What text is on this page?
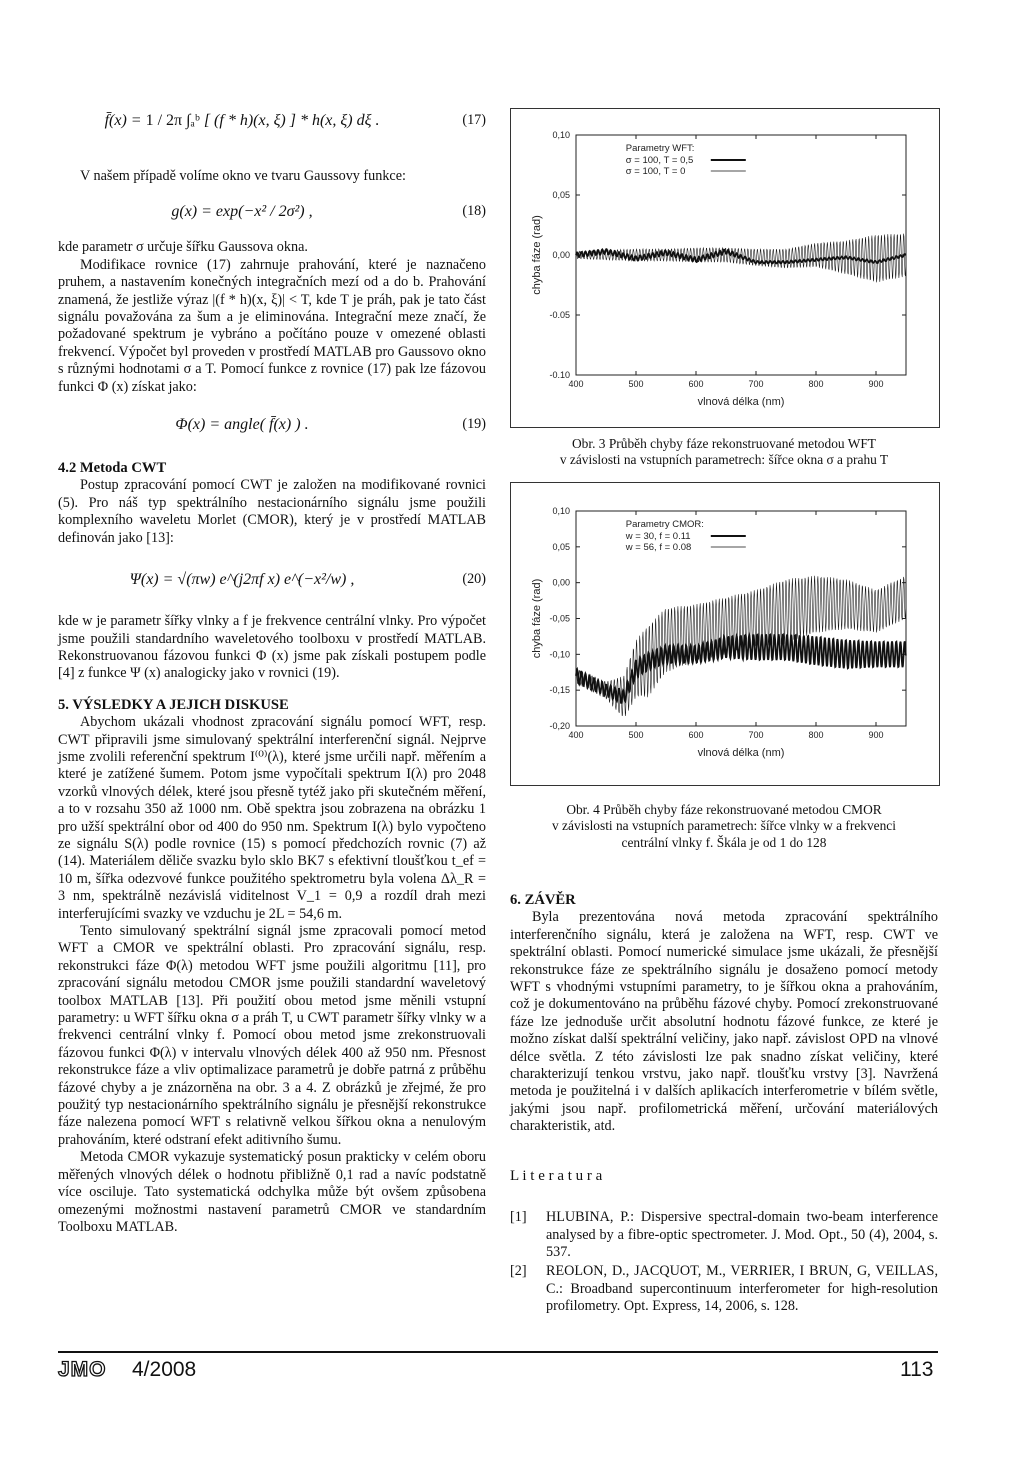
f̄(x) = 1 / 2π ∫ₐᵇ [ (f * h)(x, ξ) ] * h(x, ξ) dξ .	(17)

V našem případě volíme okno ve tvaru Gaussovy funkce:

g(x) = exp(−x² / 2σ²) ,	(18)

kde parametr σ určuje šířku Gaussova okna.

Modifikace rovnice (17) zahrnuje prahování, které je naznačeno pruhem, a nastavením konečných integračních mezí od a do b. Prahování znamená, že jestliže výraz |(f * h)(x, ξ)| < T, kde T je práh, pak je tato část signálu považována za šum a je eliminována. Integrační meze značí, že požadované spektrum je vybráno a počítáno pouze v omezené oblasti frekvencí. Výpočet byl proveden v prostředí MATLAB pro Gaussovo okno s různými hodnotami σ a T. Pomocí funkce z rovnice (17) pak lze fázovou funkci Φ (x) získat jako:

Φ(x) = angle( f̄(x) ) .	(19)
4.2 Metoda CWT

Postup zpracování pomocí CWT je založen na modifikované rovnici (5). Pro náš typ spektrálního nestacionárního signálu jsme použili komplexního waveletu Morlet (CMOR), který je v prostředí MATLAB definován jako [13]:

Ψ(x) = √(πw) e^(j2πf x) e^(−x²/w) ,	(20)

kde w je parametr šířky vlnky a f je frekvence centrální vlnky. Pro výpočet jsme použili standardního waveletového toolboxu v prostředí MATLAB. Rekonstruovanou fázovou funkci Φ (x) jsme pak získali postupem podle [4] z funkce Ψ (x) analogicky jako v rovnici (19).

5. VÝSLEDKY A JEJICH DISKUSE

Abychom ukázali vhodnost zpracování signálu pomocí WFT, resp. CWT připravili jsme simulovaný spektrální interferenční signál. Nejprve jsme zvolili referenční spektrum I⁽⁰⁾(λ), které jsme určili např. měřením a které je zatížené šumem. Potom jsme vypočítali spektrum I(λ) pro 2048 vzorků vlnových délek, které jsou přesně tytéž jako při skutečném měření, a to v rozsahu 350 až 1000 nm. Obě spektra jsou zobrazena na obrázku 1 pro užší spektrální obor od 400 do 950 nm. Spektrum I(λ) bylo vypočteno ze signálu S(λ) podle rovnice (15) s pomocí předchozích rovnic (7) až (14). Materiálem děliče svazku bylo sklo BK7 s efektivní tloušťkou t_ef = 10 m, šířka odezvové funkce použitého spektrometru byla volena Δλ_R = 3 nm, spektrálně nezávislá viditelnost V_1 = 0,9 a rozdíl drah mezi interferujícími svazky ve vzduchu je 2L = 54,6 m.

Tento simulovaný spektrální signál jsme zpracovali pomocí metod WFT a CMOR ve spektrální oblasti. Pro zpracování signálu, resp. rekonstrukci fáze Φ(λ) metodou WFT jsme použili algoritmu [11], pro zpracování signálu metodou CMOR jsme použili standardní waveletový toolbox MATLAB [13]. Při použití obou metod jsme měnili vstupní parametry: u WFT šířku okna σ a práh T, u CWT parametr šířky vlnky w a frekvenci centrální vlnky f. Pomocí obou metod jsme zrekonstruovali fázovou funkci Φ(λ) v intervalu vlnových délek 400 až 950 nm. Přesnost rekonstrukce fáze a vliv optimalizace parametrů je dobře patrná z průběhu fázové chyby a je znázorněna na obr. 3 a 4. Z obrázků je zřejmé, že pro použitý typ nestacionárního spektrálního signálu je přesnější rekonstrukce fáze nalezena pomocí WFT s relativně velkou šířkou okna a nenulovým prahováním, které odstraní efekt aditivního šumu.

Metoda CMOR vykazuje systematický posun prakticky v celém oboru měřených vlnových délek o hodnotu přibližně 0,1 rad a navíc podstatně více osciluje. Tato systematická odchylka může být ovšem způsobena omezenými možnostmi nastavení parametrů CMOR ve standardním Toolboxu MATLAB.

-0.10
-0.05
0,00
0,05
0,10
400	500	600	700	800	900
vlnová délka (nm)
chyba fáze (rad)
Parametry WFT:
σ = 100, T = 0,5
σ = 100, T = 0
Obr. 3 Průběh chyby fáze rekonstruované metodou WFT
v závislosti na vstupních parametrech: šířce okna σ a prahu T
-0,20
-0,15
-0,10
-0,05
0,00
0,05
0,10
400	500	600	700	800	900
vlnová délka (nm)
chyba fáze (rad)
Parametry CMOR:
w = 30, f = 0.11
w = 56, f = 0.08
Obr. 4 Průběh chyby fáze rekonstruované metodou CMOR
v závislosti na vstupních parametrech: šířce vlnky w a frekvenci
centrální vlnky f. Škála je od 1 do 128
6. ZÁVĚR

Byla prezentována nová metoda zpracování spektrálního interferenčního signálu, která je založena na WFT, resp. CWT ve spektrální oblasti. Pomocí numerické simulace jsme ukázali, že přesnější rekonstrukce fáze ze spektrálního signálu je dosaženo pomocí metody WFT s vhodnými vstupními parametry, to je šířkou okna a prahováním, což je dokumentováno na průběhu fázové chyby. Pomocí zrekonstruované fáze lze jednoduše určit absolutní hodnotu fázové funkce, ze které je možno získat další spektrální veličiny, jako např. závislost OPD na vlnové délce světla. Z této závislosti lze pak snadno získat veličiny, které charakterizují tenkou vrstvu, jako např. tloušťku vrstvy [3]. Navržená metoda je použitelná i v dalších aplikacích interferometrie v bílém světle, jakými jsou např. profilometrická měření, určování materiálových charakteristik, atd.

L i t e r a t u r a

[1]	HLUBINA, P.: Dispersive spectral-domain two-beam interference analysed by a fibre-optic spectrometer. J. Mod. Opt., 50 (4), 2004, s. 537.
[2]	REOLON, D., JACQUOT, M., VERRIER, I BRUN, G, VEILLAS, C.: Broadband supercontinuum interferometer for high-resolution profilometry. Opt. Express, 14, 2006, s. 128.
JMO 4/2008	113
